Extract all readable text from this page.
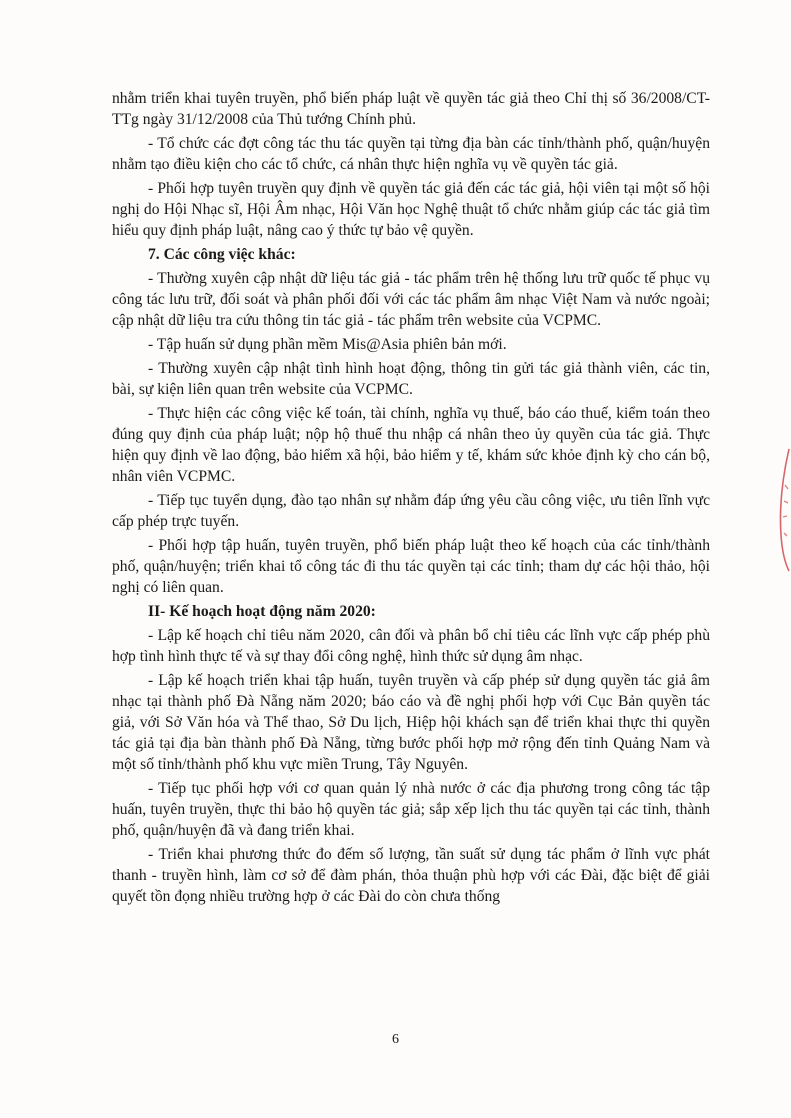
nhằm triển khai tuyên truyền, phổ biến pháp luật về quyền tác giả theo Chỉ thị số 36/2008/CT-TTg ngày 31/12/2008 của Thủ tướng Chính phủ.

- Tổ chức các đợt công tác thu tác quyền tại từng địa bàn các tỉnh/thành phố, quận/huyện nhằm tạo điều kiện cho các tổ chức, cá nhân thực hiện nghĩa vụ về quyền tác giả.

- Phối hợp tuyên truyền quy định về quyền tác giả đến các tác giả, hội viên tại một số hội nghị do Hội Nhạc sĩ, Hội Âm nhạc, Hội Văn học Nghệ thuật tổ chức nhằm giúp các tác giả tìm hiểu quy định pháp luật, nâng cao ý thức tự bảo vệ quyền.

7. Các công việc khác:

- Thường xuyên cập nhật dữ liệu tác giả - tác phẩm trên hệ thống lưu trữ quốc tế phục vụ công tác lưu trữ, đối soát và phân phối đối với các tác phẩm âm nhạc Việt Nam và nước ngoài; cập nhật dữ liệu tra cứu thông tin tác giả - tác phẩm trên website của VCPMC.

- Tập huấn sử dụng phần mềm Mis@Asia phiên bản mới.

- Thường xuyên cập nhật tình hình hoạt động, thông tin gửi tác giả thành viên, các tin, bài, sự kiện liên quan trên website của VCPMC.

- Thực hiện các công việc kế toán, tài chính, nghĩa vụ thuế, báo cáo thuế, kiểm toán theo đúng quy định của pháp luật; nộp hộ thuế thu nhập cá nhân theo ủy quyền của tác giả. Thực hiện quy định về lao động, bảo hiểm xã hội, bảo hiểm y tế, khám sức khỏe định kỳ cho cán bộ, nhân viên VCPMC.

- Tiếp tục tuyển dụng, đào tạo nhân sự nhằm đáp ứng yêu cầu công việc, ưu tiên lĩnh vực cấp phép trực tuyến.

- Phối hợp tập huấn, tuyên truyền, phổ biến pháp luật theo kế hoạch của các tỉnh/thành phố, quận/huyện; triển khai tổ công tác đi thu tác quyền tại các tỉnh; tham dự các hội thảo, hội nghị có liên quan.

II- Kế hoạch hoạt động năm 2020:

- Lập kế hoạch chỉ tiêu năm 2020, cân đối và phân bổ chỉ tiêu các lĩnh vực cấp phép phù hợp tình hình thực tế và sự thay đổi công nghệ, hình thức sử dụng âm nhạc.

- Lập kế hoạch triển khai tập huấn, tuyên truyền và cấp phép sử dụng quyền tác giả âm nhạc tại thành phố Đà Nẵng năm 2020; báo cáo và đề nghị phối hợp với Cục Bản quyền tác giả, với Sở Văn hóa và Thể thao, Sở Du lịch, Hiệp hội khách sạn để triển khai thực thi quyền tác giả tại địa bàn thành phố Đà Nẵng, từng bước phối hợp mở rộng đến tỉnh Quảng Nam và một số tỉnh/thành phố khu vực miền Trung, Tây Nguyên.

- Tiếp tục phối hợp với cơ quan quản lý nhà nước ở các địa phương trong công tác tập huấn, tuyên truyền, thực thi bảo hộ quyền tác giả; sắp xếp lịch thu tác quyền tại các tỉnh, thành phố, quận/huyện đã và đang triển khai.

- Triển khai phương thức đo đếm số lượng, tần suất sử dụng tác phẩm ở lĩnh vực phát thanh - truyền hình, làm cơ sở để đàm phán, thỏa thuận phù hợp với các Đài, đặc biệt để giải quyết tồn đọng nhiều trường hợp ở các Đài do còn chưa thống

6
